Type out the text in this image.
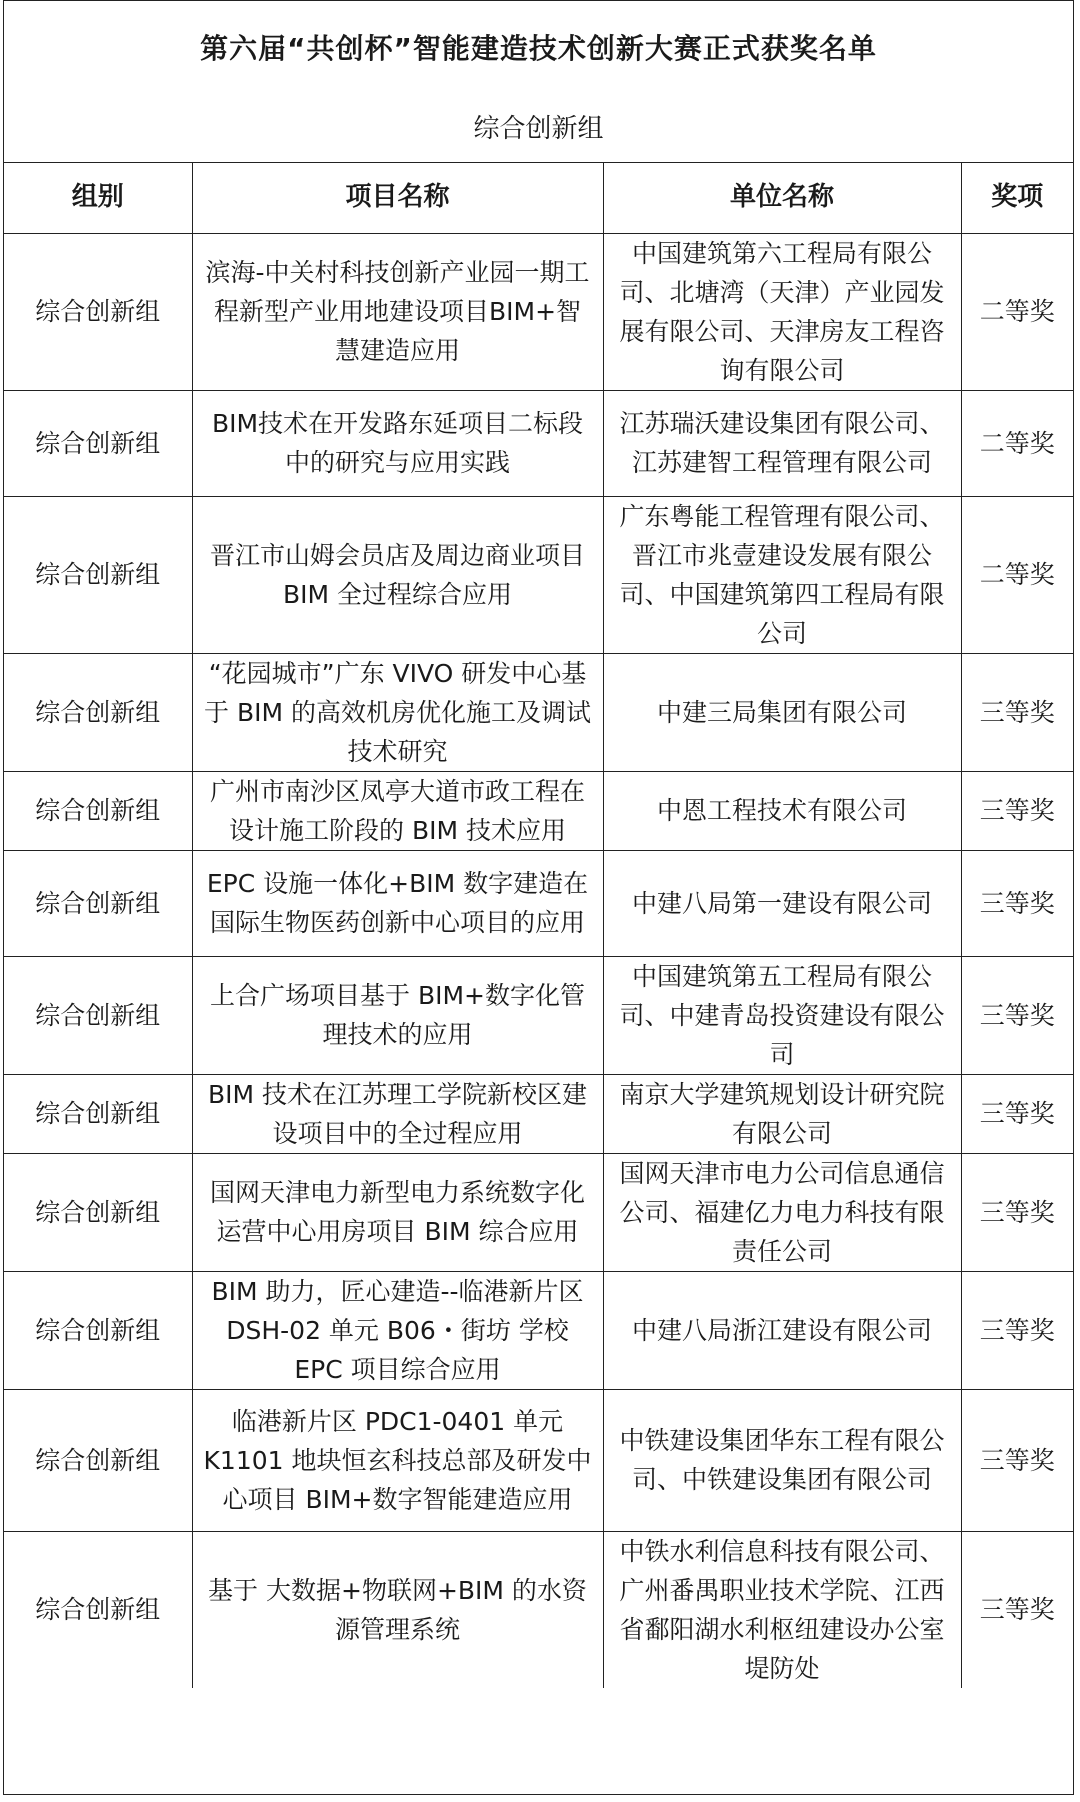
第六届“共创杯”智能建造技术创新大赛正式获奖名单
综合创新组
组别	项目名称	单位名称	奖项
综合创新组	滨海-中关村科技创新产业园一期工程新型产业用地建设项目BIM+智慧建造应用	中国建筑第六工程局有限公司、北塘湾（天津）产业园发展有限公司、天津房友工程咨询有限公司	二等奖
综合创新组	BIM技术在开发路东延项目二标段中的研究与应用实践	江苏瑞沃建设集团有限公司、江苏建智工程管理有限公司	二等奖
综合创新组	晋江市山姆会员店及周边商业项目 BIM 全过程综合应用	广东粤能工程管理有限公司、晋江市兆壹建设发展有限公司、中国建筑第四工程局有限公司	二等奖
综合创新组	“花园城市”广东 VIVO 研发中心基于 BIM 的高效机房优化施工及调试技术研究	中建三局集团有限公司	三等奖
综合创新组	广州市南沙区凤亭大道市政工程在设计施工阶段的 BIM 技术应用	中恩工程技术有限公司	三等奖
综合创新组	EPC 设施一体化+BIM 数字建造在国际生物医药创新中心项目的应用	中建八局第一建设有限公司	三等奖
综合创新组	上合广场项目基于 BIM+数字化管理技术的应用	中国建筑第五工程局有限公司、中建青岛投资建设有限公司	三等奖
综合创新组	BIM 技术在江苏理工学院新校区建设项目中的全过程应用	南京大学建筑规划设计研究院有限公司	三等奖
综合创新组	国网天津电力新型电力系统数字化运营中心用房项目 BIM 综合应用	国网天津市电力公司信息通信公司、福建亿力电力科技有限责任公司	三等奖
综合创新组	BIM 助力，匠心建造--临港新片区 DSH-02 单元 B06・街坊 学校 EPC 项目综合应用	中建八局浙江建设有限公司	三等奖
综合创新组	临港新片区 PDC1-0401 单元 K1101 地块恒玄科技总部及研发中心项目 BIM+数字智能建造应用	中铁建设集团华东工程有限公司、中铁建设集团有限公司	三等奖
综合创新组	基于 大数据+物联网+BIM 的水资源管理系统	中铁水利信息科技有限公司、广州番禺职业技术学院、江西省鄱阳湖水利枢纽建设办公室堤防处	三等奖
